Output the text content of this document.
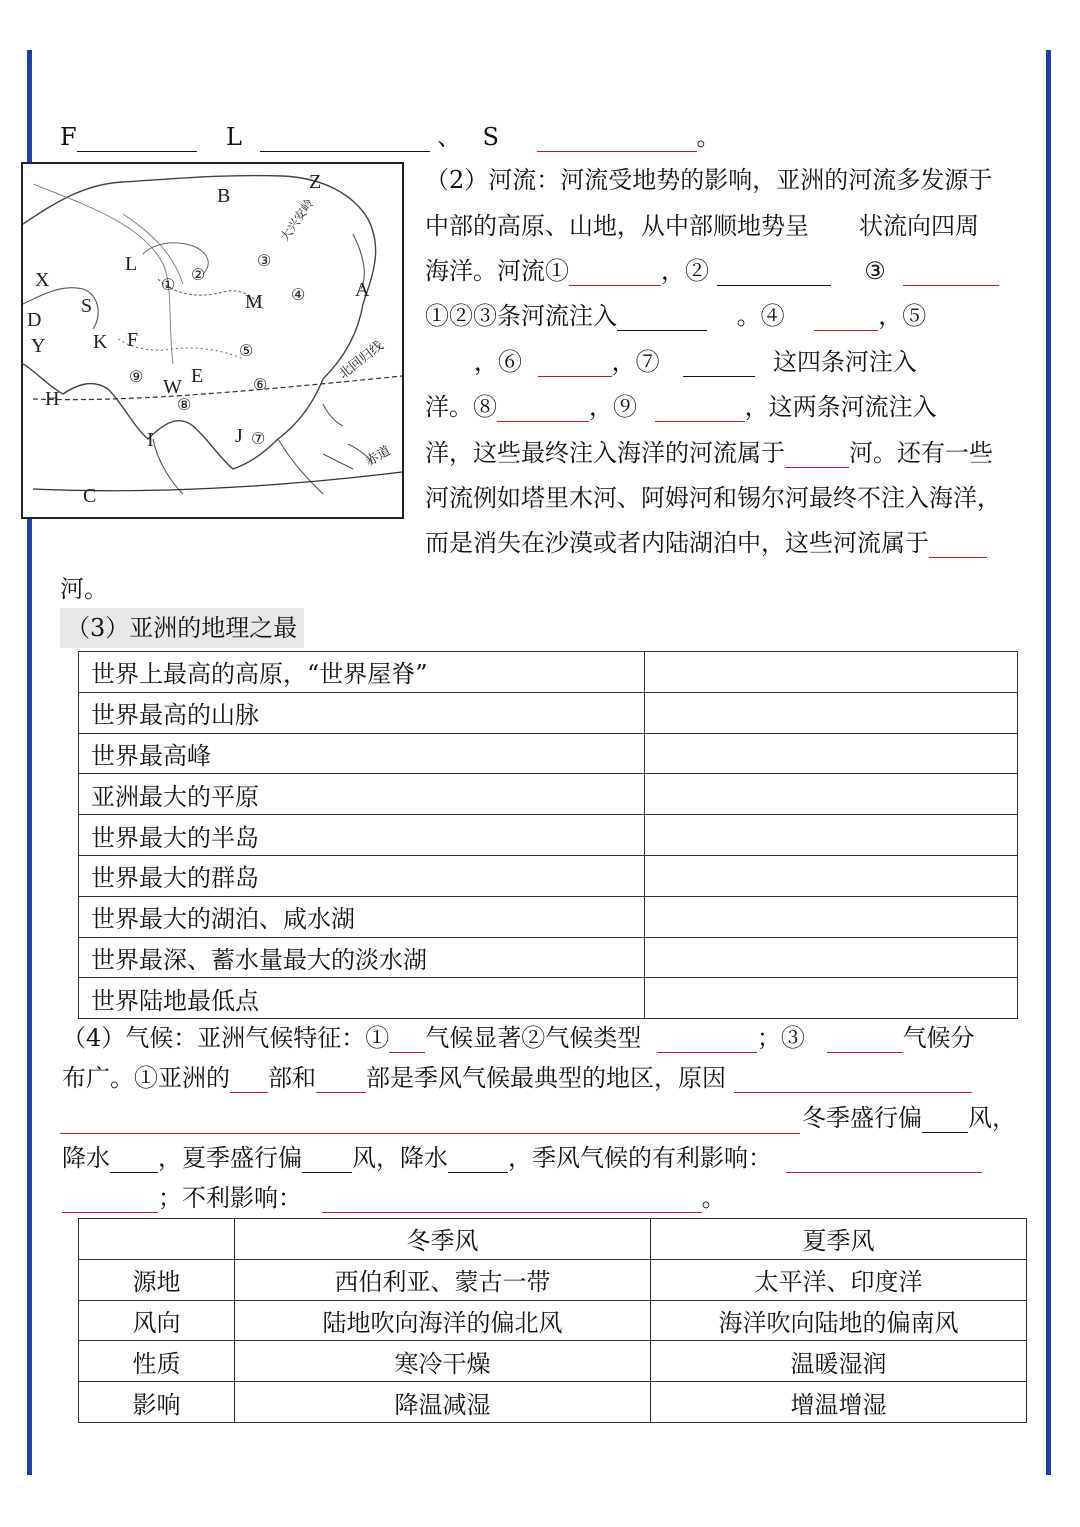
F	L	、 S	。
B
Z
L
X
S
D
Y K F
M
A
W E
H
I	J
C
①
②
③
④
⑤
⑥
⑦
⑧
⑨	北回归线
赤道
大兴安岭
（2）河流：河流受地势的影响，亚洲的河流多发源于
中部的高原、山地，从中部顺地势呈 状流向四周
海洋。河流①	，②	③
①②③条河流注入	。④	，⑤
，⑥	，⑦	这四条河注入
洋。⑧	，⑨	，这两条河流注入
洋，这些最终注入海洋的河流属于	河。还有一些
河流例如塔里木河、阿姆河和锡尔河最终不注入海洋，
而是消失在沙漠或者内陆湖泊中，这些河流属于
河。
（3）亚洲的地理之最
世界上最高的高原，“世界屋脊”	
世界最高的山脉	
世界最高峰	
亚洲最大的平原	
世界最大的半岛	
世界最大的群岛	
世界最大的湖泊、咸水湖	
世界最深、蓄水量最大的淡水湖	
世界陆地最低点	
（4）气候：亚洲气候特征：① 气候显著②气候类型	；③	气候分
布广。①亚洲的 部和 部是季风气候最典型的地区，原因
冬季盛行偏 风，
降水 ，夏季盛行偏 风，降水	，季风气候的有利影响：
；不利影响：	。
	冬季风	夏季风
源地	西伯利亚、蒙古一带	太平洋、印度洋
风向	陆地吹向海洋的偏北风	海洋吹向陆地的偏南风
性质	寒冷干燥	温暖湿润
影响	降温减湿	增温增湿
